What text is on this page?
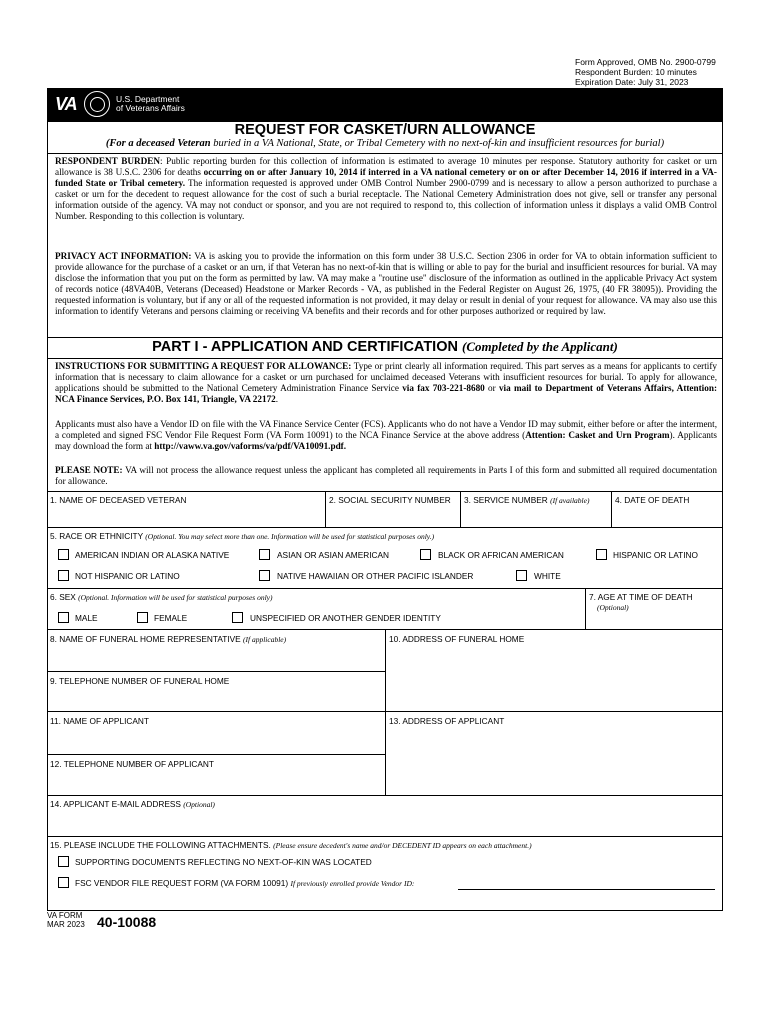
Form Approved, OMB No. 2900-0799
Respondent Burden: 10 minutes
Expiration Date: July 31, 2023
VA	U.S. Department
of Veterans Affairs
REQUEST FOR CASKET/URN ALLOWANCE
(For a deceased Veteran buried in a VA National, State, or Tribal Cemetery with no next-of-kin and insufficient resources for burial)
RESPONDENT BURDEN: Public reporting burden for this collection of information is estimated to average 10 minutes per response. Statutory authority for casket or urn allowance is 38 U.S.C. 2306 for deaths occurring on or after January 10, 2014 if interred in a VA national cemetery or on or after December 14, 2016 if interred in a VA-funded State or Tribal cemetery. The information requested is approved under OMB Control Number 2900-0799 and is necessary to allow a person authorized to purchase a casket or urn for the decedent to request allowance for the cost of such a burial receptacle. The National Cemetery Administration does not give, sell or transfer any personal information outside of the agency. VA may not conduct or sponsor, and you are not required to respond to, this collection of information unless it displays a valid OMB Control Number. Responding to this collection is voluntary.
PRIVACY ACT INFORMATION: VA is asking you to provide the information on this form under 38 U.S.C. Section 2306 in order for VA to obtain information sufficient to provide allowance for the purchase of a casket or an urn, if that Veteran has no next-of-kin that is willing or able to pay for the burial and insufficient resources for burial. VA may disclose the information that you put on the form as permitted by law. VA may make a "routine use" disclosure of the information as outlined in the applicable Privacy Act system of records notice (48VA40B, Veterans (Deceased) Headstone or Marker Records - VA, as published in the Federal Register on August 26, 1975, (40 FR 38095)). Providing the requested information is voluntary, but if any or all of the requested information is not provided, it may delay or result in denial of your request for allowance. VA may also use this information to identify Veterans and persons claiming or receiving VA benefits and their records and for other purposes authorized or required by law.
PART I - APPLICATION AND CERTIFICATION (Completed by the Applicant)
INSTRUCTIONS FOR SUBMITTING A REQUEST FOR ALLOWANCE: Type or print clearly all information required. This part serves as a means for applicants to certify information that is necessary to claim allowance for a casket or urn purchased for unclaimed deceased Veterans with insufficient resources for burial. To apply for allowance, applications should be submitted to the National Cemetery Administration Finance Service via fax 703-221-8680 or via mail to Department of Veterans Affairs, Attention: NCA Finance Services, P.O. Box 141, Triangle, VA 22172.
Applicants must also have a Vendor ID on file with the VA Finance Service Center (FCS). Applicants who do not have a Vendor ID may submit, either before or after the interment, a completed and signed FSC Vendor File Request Form (VA Form 10091) to the NCA Finance Service at the above address (Attention: Casket and Urn Program). Applicants may download the form at http://vaww.va.gov/vaforms/va/pdf/VA10091.pdf.
PLEASE NOTE: VA will not process the allowance request unless the applicant has completed all requirements in Parts I of this form and submitted all required documentation for allowance.
1. NAME OF DECEASED VETERAN	2. SOCIAL SECURITY NUMBER 3. SERVICE NUMBER (If available)	4. DATE OF DEATH
5. RACE OR ETHNICITY (Optional. You may select more than one. Information will be used for statistical purposes only.)
AMERICAN INDIAN OR ALASKA NATIVE	ASIAN OR ASIAN AMERICAN	BLACK OR AFRICAN AMERICAN	HISPANIC OR LATINO
NOT HISPANIC OR LATINO	NATIVE HAWAIIAN OR OTHER PACIFIC ISLANDER	WHITE
6. SEX (Optional. Information will be used for statistical purposes only)	7. AGE AT TIME OF DEATH
(Optional)
MALE	FEMALE	UNSPECIFIED OR ANOTHER GENDER IDENTITY
8. NAME OF FUNERAL HOME REPRESENTATIVE (If applicable)	10. ADDRESS OF FUNERAL HOME
9. TELEPHONE NUMBER OF FUNERAL HOME
11. NAME OF APPLICANT	13. ADDRESS OF APPLICANT
12. TELEPHONE NUMBER OF APPLICANT
14. APPLICANT E-MAIL ADDRESS (Optional)
15. PLEASE INCLUDE THE FOLLOWING ATTACHMENTS. (Please ensure decedent's name and/or DECEDENT ID appears on each attachment.)
SUPPORTING DOCUMENTS REFLECTING NO NEXT-OF-KIN WAS LOCATED
FSC VENDOR FILE REQUEST FORM (VA FORM 10091) If previously enrolled provide Vendor ID:
VA FORM
MAR 2023 40-10088
